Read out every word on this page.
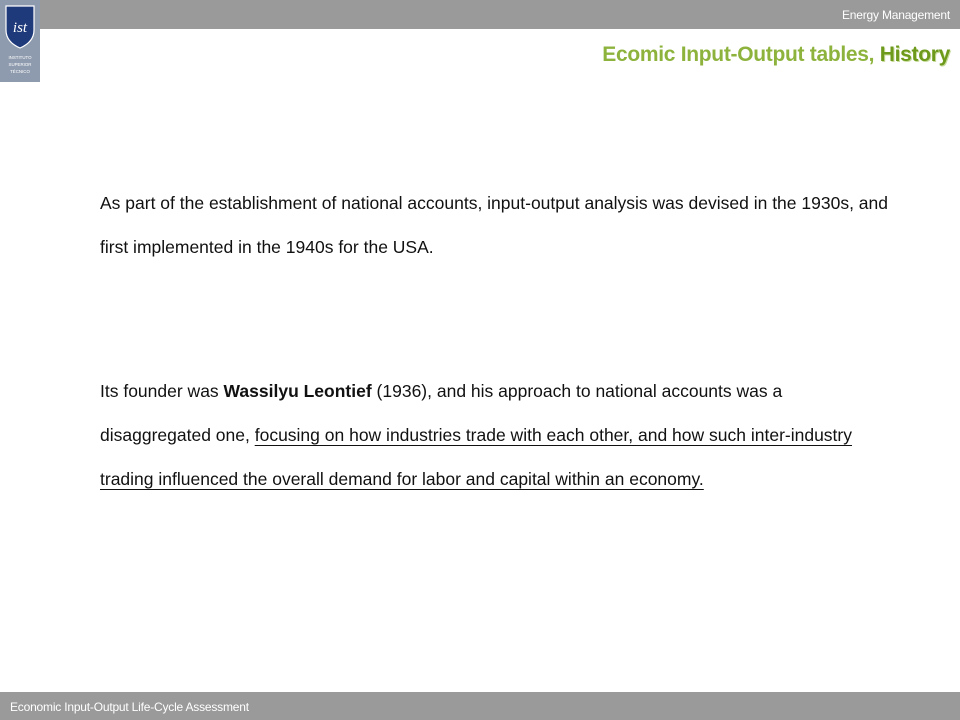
Energy Management
ist
INSTITUTO
SUPERIOR
TÉCNICO
Ecomic Input-Output tables, History
As part of the establishment of national accounts, input-output analysis was devised in the 1930s, and first implemented in the 1940s for the USA.
Its founder was Wassilyu Leontief (1936), and his approach to national accounts was a disaggregated one, focusing on how industries trade with each other, and how such inter-industry trading influenced the overall demand for labor and capital within an economy.
Economic Input-Output Life-Cycle Assessment
